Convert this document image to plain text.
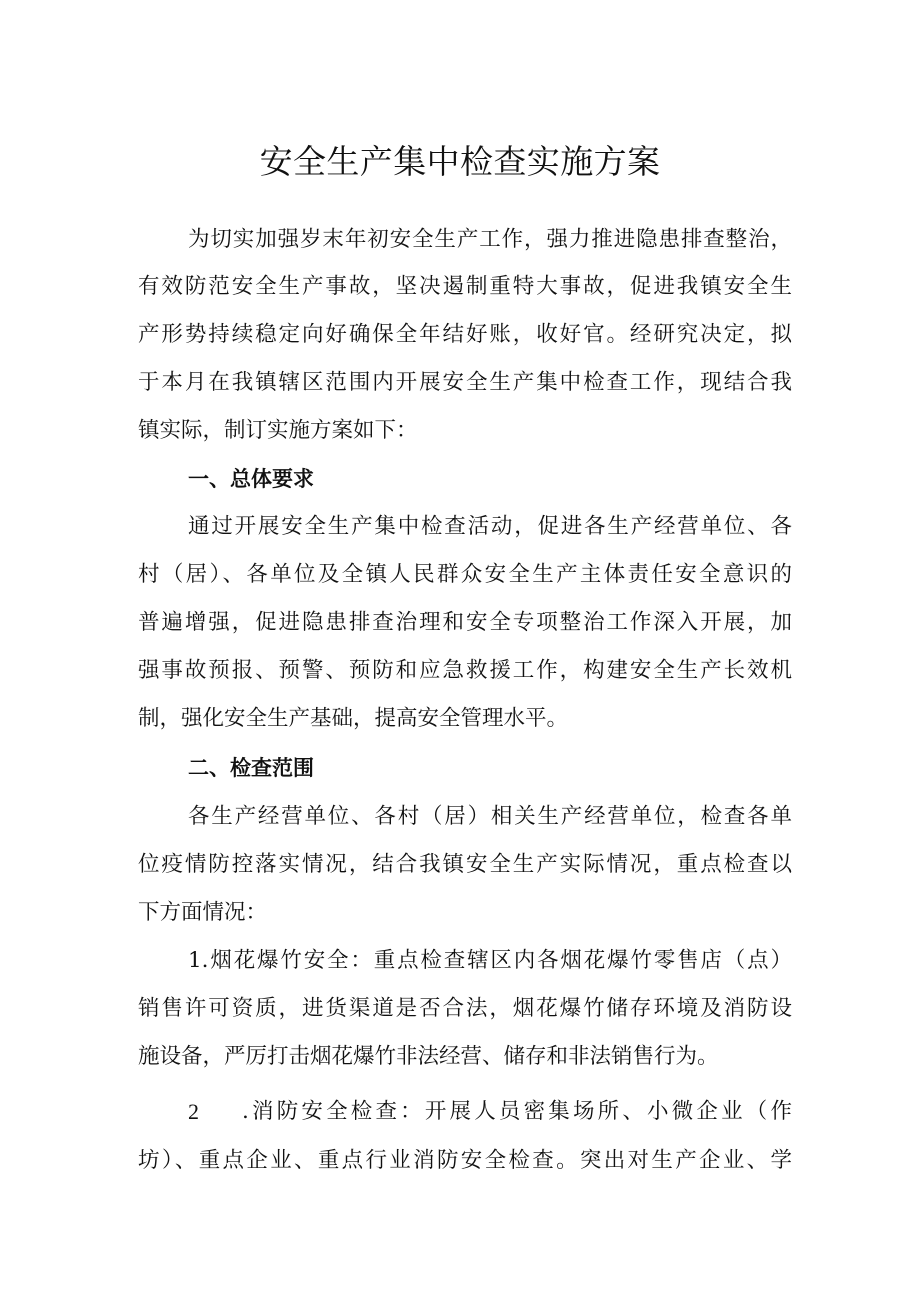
安全生产集中检查实施方案
为切实加强岁末年初安全生产工作，强力推进隐患排查整治，
有效防范安全生产事故，坚决遏制重特大事故，促进我镇安全生
产形势持续稳定向好确保全年结好账，收好官。经研究决定，拟
于本月在我镇辖区范围内开展安全生产集中检查工作，现结合我
镇实际，制订实施方案如下：
一、总体要求
通过开展安全生产集中检查活动，促进各生产经营单位、各
村（居）、各单位及全镇人民群众安全生产主体责任安全意识的
普遍增强，促进隐患排查治理和安全专项整治工作深入开展，加
强事故预报、预警、预防和应急救援工作，构建安全生产长效机
制，强化安全生产基础，提高安全管理水平。
二、检查范围
各生产经营单位、各村（居）相关生产经营单位，检查各单
位疫情防控落实情况，结合我镇安全生产实际情况，重点检查以
下方面情况：
1.烟花爆竹安全：重点检查辖区内各烟花爆竹零售店（点）
销售许可资质，进货渠道是否合法，烟花爆竹储存环境及消防设
施设备，严厉打击烟花爆竹非法经营、储存和非法销售行为。
2 .消防安全检查：开展人员密集场所、小微企业（作
坊）、重点企业、重点行业消防安全检查。突出对生产企业、学
